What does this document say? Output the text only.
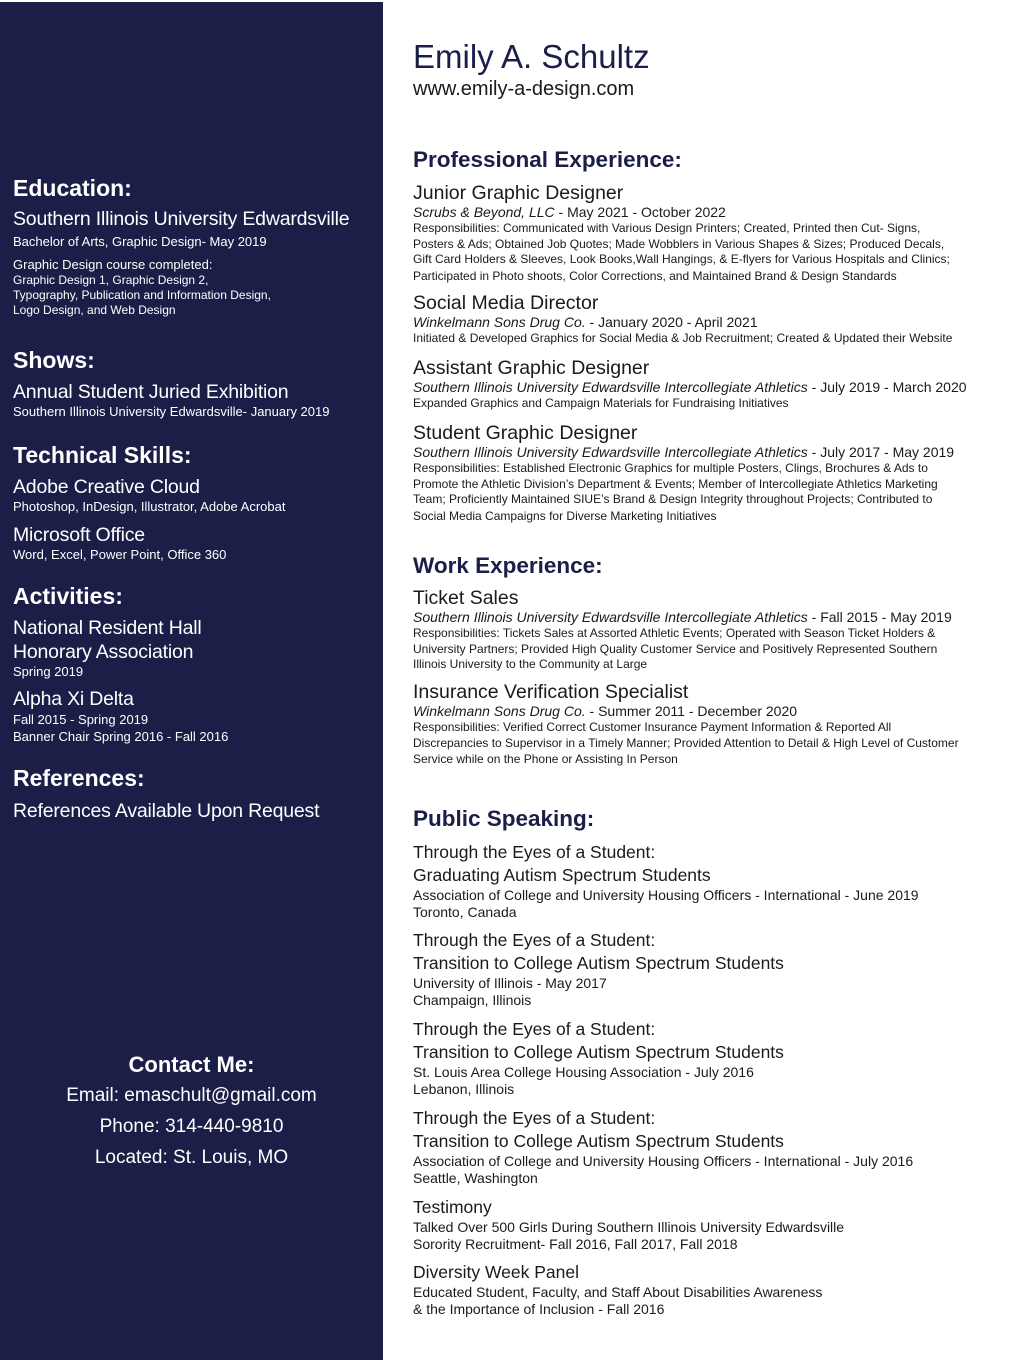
Education:
Southern Illinois University Edwardsville
Bachelor of Arts, Graphic Design- May 2019
Graphic Design course completed:
Graphic Design 1, Graphic Design 2,
Typography, Publication and Information Design,
Logo Design, and Web Design
Shows:
Annual Student Juried Exhibition
Southern Illinois University Edwardsville- January 2019
Technical Skills:
Adobe Creative Cloud
Photoshop, InDesign, Illustrator, Adobe Acrobat
Microsoft Office
Word, Excel, Power Point, Office 360
Activities:
National Resident Hall
Honorary Association
Spring 2019
Alpha Xi Delta
Fall 2015 - Spring 2019
Banner Chair Spring 2016 - Fall 2016
References:
References Available Upon Request
Contact Me:
Email: emaschult@gmail.com
Phone: 314-440-9810
Located: St. Louis, MO
Emily A. Schultz
www.emily-a-design.com
Professional Experience:
Junior Graphic Designer
Scrubs & Beyond, LLC - May 2021 - October 2022
Responsibilities: Communicated with Various Design Printers; Created, Printed then Cut- Signs,
Posters & Ads; Obtained Job Quotes; Made Wobblers in Various Shapes & Sizes; Produced Decals,
Gift Card Holders & Sleeves, Look Books,Wall Hangings, & E-flyers for Various Hospitals and Clinics;
Participated in Photo shoots, Color Corrections, and Maintained Brand & Design Standards
Social Media Director
Winkelmann Sons Drug Co. - January 2020 - April 2021
Initiated & Developed Graphics for Social Media & Job Recruitment; Created & Updated their Website
Assistant Graphic Designer
Southern Illinois University Edwardsville Intercollegiate Athletics - July 2019 - March 2020
Expanded Graphics and Campaign Materials for Fundraising Initiatives
Student Graphic Designer
Southern Illinois University Edwardsville Intercollegiate Athletics - July 2017 - May 2019
Responsibilities: Established Electronic Graphics for multiple Posters, Clings, Brochures & Ads to
Promote the Athletic Division’s Department & Events; Member of Intercollegiate Athletics Marketing
Team; Proficiently Maintained SIUE’s Brand & Design Integrity throughout Projects; Contributed to
Social Media Campaigns for Diverse Marketing Initiatives
Work Experience:
Ticket Sales
Southern Illinois University Edwardsville Intercollegiate Athletics - Fall 2015 - May 2019
Responsibilities: Tickets Sales at Assorted Athletic Events; Operated with Season Ticket Holders &
University Partners; Provided High Quality Customer Service and Positively Represented Southern
Illinois University to the Community at Large
Insurance Verification Specialist
Winkelmann Sons Drug Co. - Summer 2011 - December 2020
Responsibilities: Verified Correct Customer Insurance Payment Information & Reported All
Discrepancies to Supervisor in a Timely Manner; Provided Attention to Detail & High Level of Customer
Service while on the Phone or Assisting In Person
Public Speaking:
Through the Eyes of a Student:
Graduating Autism Spectrum Students
Association of College and University Housing Officers - International - June 2019
Toronto, Canada
Through the Eyes of a Student:
Transition to College Autism Spectrum Students
University of Illinois - May 2017
Champaign, Illinois
Through the Eyes of a Student:
Transition to College Autism Spectrum Students
St. Louis Area College Housing Association - July 2016
Lebanon, Illinois
Through the Eyes of a Student:
Transition to College Autism Spectrum Students
Association of College and University Housing Officers - International - July 2016
Seattle, Washington
Testimony
Talked Over 500 Girls During Southern Illinois University Edwardsville
Sorority Recruitment- Fall 2016, Fall 2017, Fall 2018
Diversity Week Panel
Educated Student, Faculty, and Staff About Disabilities Awareness
& the Importance of Inclusion - Fall 2016
